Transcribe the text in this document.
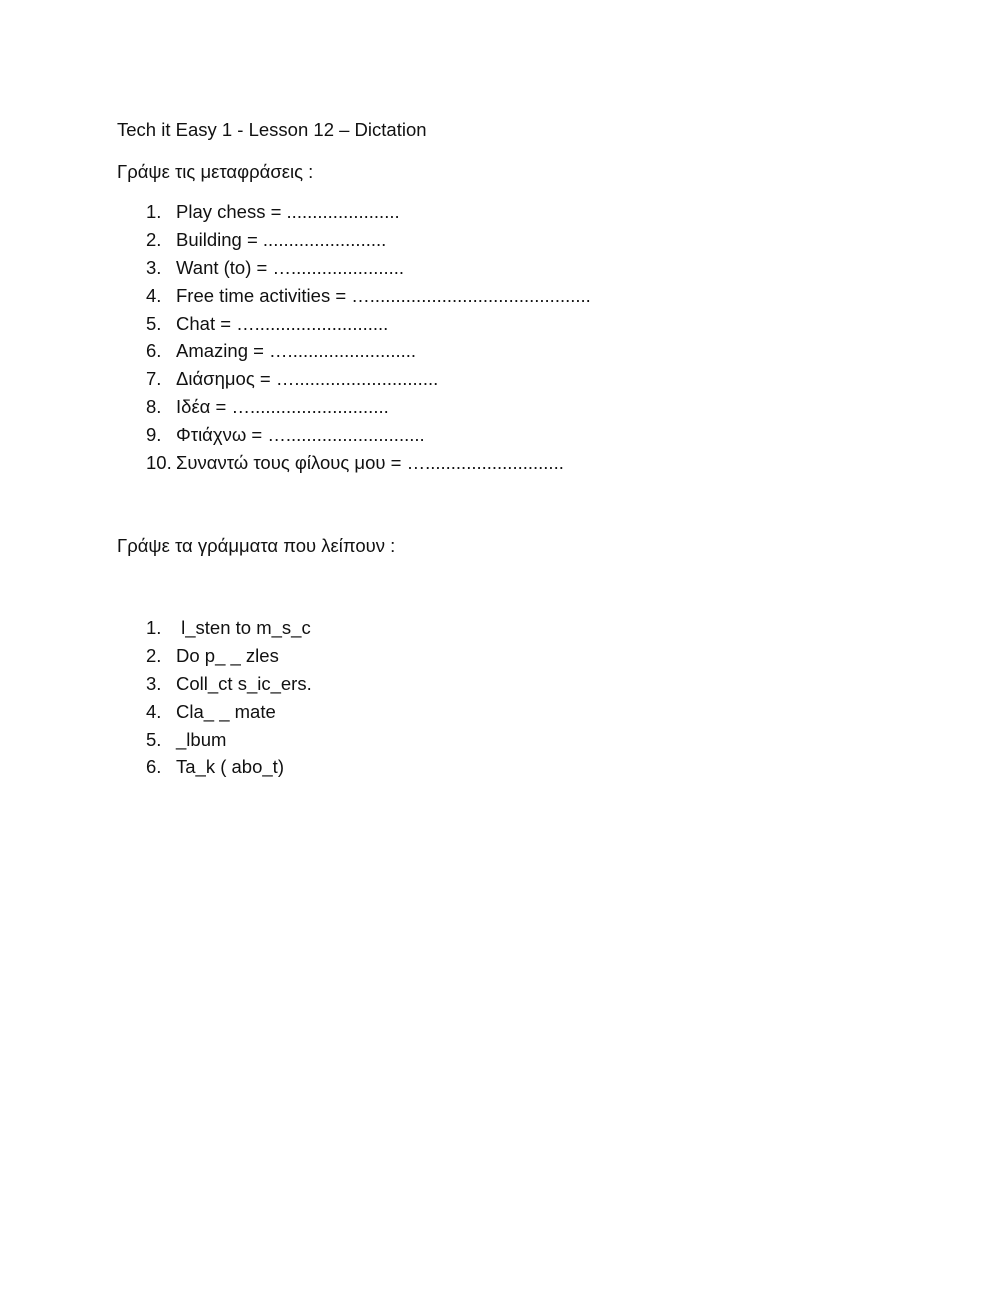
Tech it Easy 1 - Lesson 12 – Dictation
Γράψε τις μεταφράσεις :
1. Play chess = ......................
2. Building = ........................
3. Want (to) = …......................
4. Free time activities = …...........................................
5. Chat = …..........................
6. Amazing = ….........................
7. Διάσημος = …............................
8. Ιδέα = …...........................
9. Φτιάχνω = …...........................
10. Συναντώ τους φίλους μου = …...........................
Γράψε τα γράμματα που λείπουν :
1. l_sten to m_s_c
2. Do p_ _ zles
3. Coll_ct s_ic_ers.
4. Cla_ _ mate
5. _lbum
6. Ta_k ( abo_t)
